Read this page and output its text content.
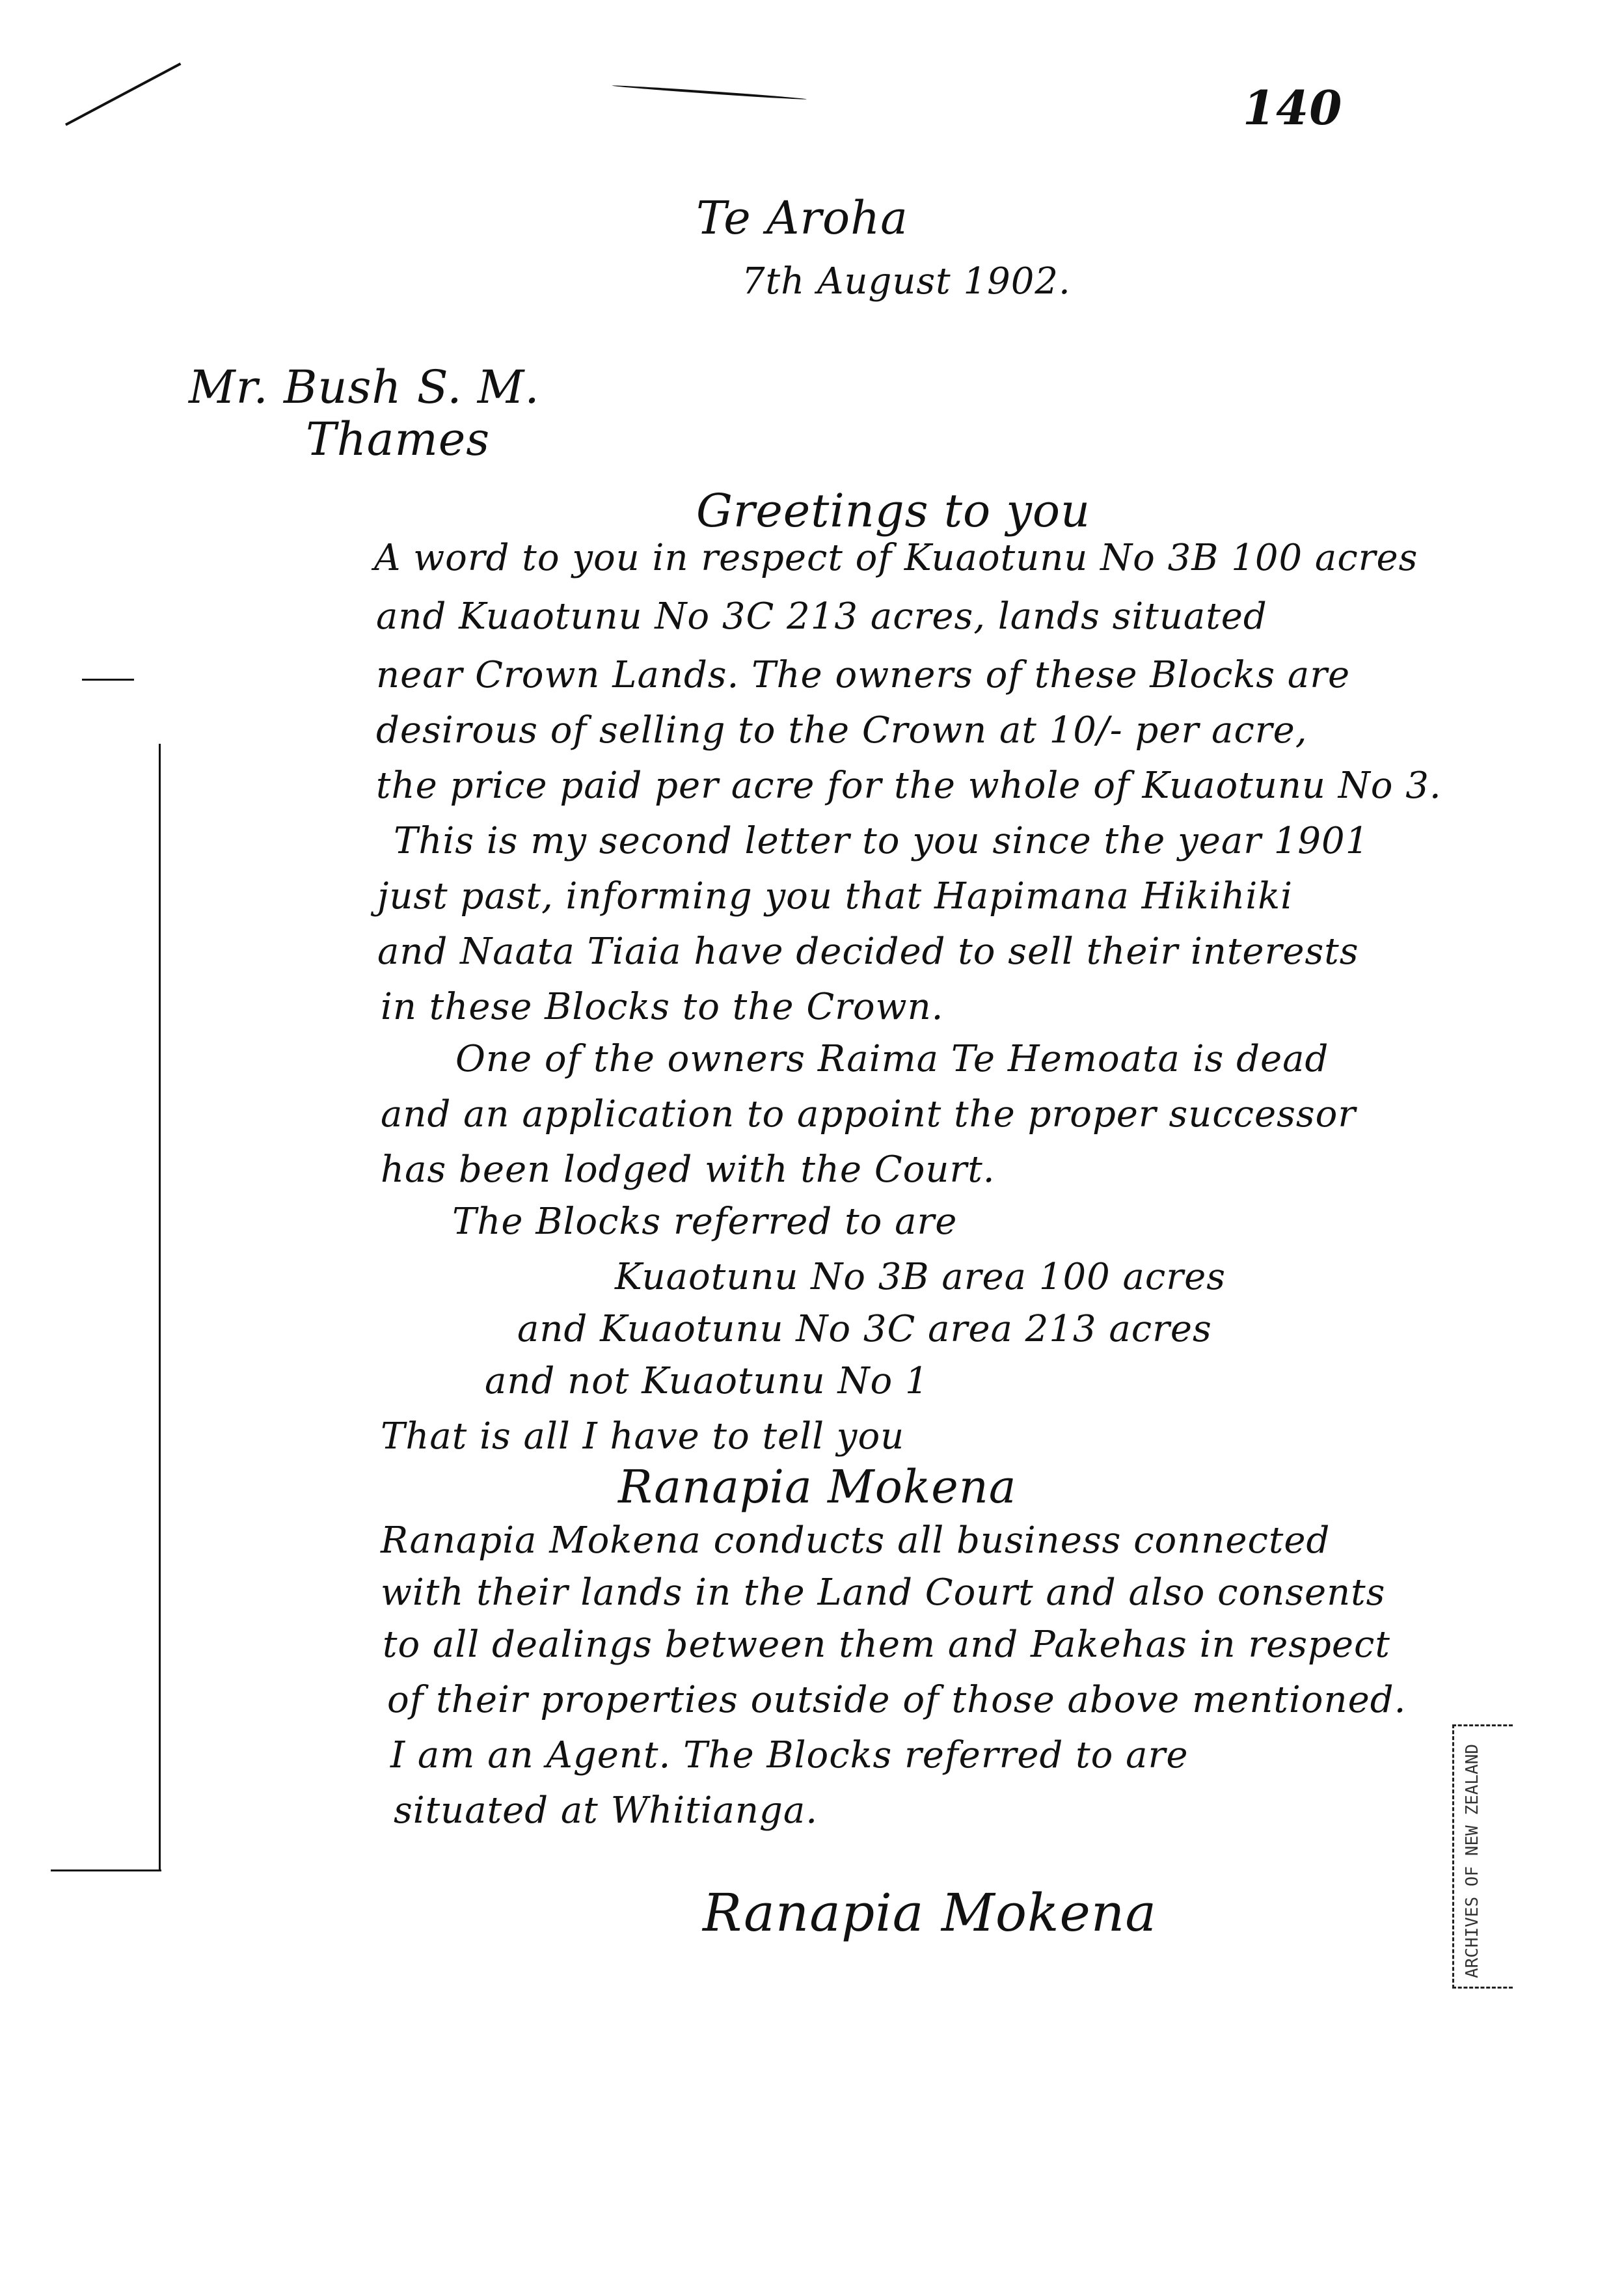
140
Te Aroha
7th August 1902.
Mr. Bush S. M.
Thames
Greetings to you
A word to you in respect of Kuaotunu No 3B 100 acres
and Kuaotunu No 3C 213 acres, lands situated
near Crown Lands. The owners of these Blocks are
desirous of selling to the Crown at 10/- per acre,
the price paid per acre for the whole of Kuaotunu No 3.
This is my second letter to you since the year 1901
just past, informing you that Hapimana Hikihiki
and Naata Tiaia have decided to sell their interests
in these Blocks to the Crown.
One of the owners Raima Te Hemoata is dead
and an application to appoint the proper successor
has been lodged with the Court.
The Blocks referred to are
Kuaotunu No 3B area 100 acres
and Kuaotunu No 3C area 213 acres
and not Kuaotunu No 1
That is all I have to tell you
Ranapia Mokena
Ranapia Mokena conducts all business connected
with their lands in the Land Court and also consents
to all dealings between them and Pakehas in respect
of their properties outside of those above mentioned.
I am an Agent. The Blocks referred to are
situated at Whitianga.
Ranapia Mokena	ARCHIVES OF NEW ZEALAND
